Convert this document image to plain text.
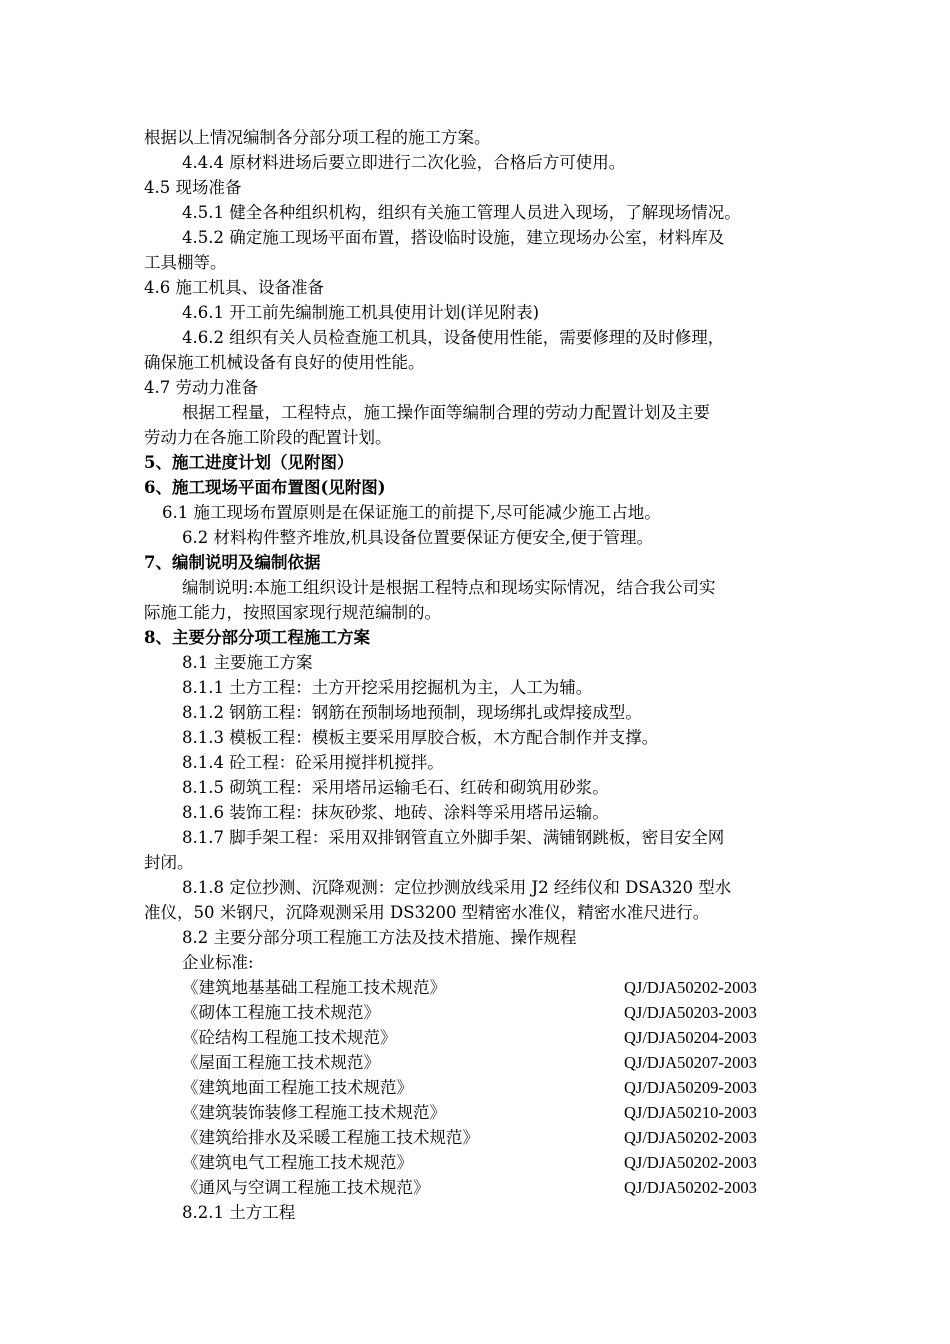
根据以上情况编制各分部分项工程的施工方案。
4.4.4 原材料进场后要立即进行二次化验，合格后方可使用。
4.5 现场准备
4.5.1 健全各种组织机构，组织有关施工管理人员进入现场，了解现场情况。
4.5.2 确定施工现场平面布置，搭设临时设施，建立现场办公室，材料库及
工具棚等。
4.6 施工机具、设备准备
4.6.1 开工前先编制施工机具使用计划(详见附表)
4.6.2 组织有关人员检查施工机具，设备使用性能，需要修理的及时修理，
确保施工机械设备有良好的使用性能。
4.7 劳动力准备
根据工程量，工程特点，施工操作面等编制合理的劳动力配置计划及主要
劳动力在各施工阶段的配置计划。
5、施工进度计划（见附图）
6、施工现场平面布置图(见附图)
6.1 施工现场布置原则是在保证施工的前提下,尽可能减少施工占地。
6.2 材料构件整齐堆放,机具设备位置要保证方便安全,便于管理。
7、编制说明及编制依据
编制说明:本施工组织设计是根据工程特点和现场实际情况，结合我公司实
际施工能力，按照国家现行规范编制的。
8、主要分部分项工程施工方案
8.1 主要施工方案
8.1.1 土方工程：土方开挖采用挖掘机为主，人工为辅。
8.1.2 钢筋工程：钢筋在预制场地预制，现场绑扎或焊接成型。
8.1.3 模板工程：模板主要采用厚胶合板，木方配合制作并支撑。
8.1.4 砼工程：砼采用搅拌机搅拌。
8.1.5 砌筑工程：采用塔吊运输毛石、红砖和砌筑用砂浆。
8.1.6 装饰工程：抹灰砂浆、地砖、涂料等采用塔吊运输。
8.1.7 脚手架工程：采用双排钢管直立外脚手架、满铺钢跳板，密目安全网
封闭。
8.1.8 定位抄测、沉降观测：定位抄测放线采用 J2 经纬仪和 DSA320 型水
准仪，50 米钢尺，沉降观测采用 DS3200 型精密水准仪，精密水准尺进行。
8.2 主要分部分项工程施工方法及技术措施、操作规程
企业标准:
《建筑地基基础工程施工技术规范》	QJ/DJA50202-2003
《砌体工程施工技术规范》	QJ/DJA50203-2003
《砼结构工程施工技术规范》	QJ/DJA50204-2003
《屋面工程施工技术规范》	QJ/DJA50207-2003
《建筑地面工程施工技术规范》	QJ/DJA50209-2003
《建筑装饰装修工程施工技术规范》	QJ/DJA50210-2003
《建筑给排水及采暖工程施工技术规范》	QJ/DJA50202-2003
《建筑电气工程施工技术规范》	QJ/DJA50202-2003
《通风与空调工程施工技术规范》	QJ/DJA50202-2003
8.2.1 土方工程
